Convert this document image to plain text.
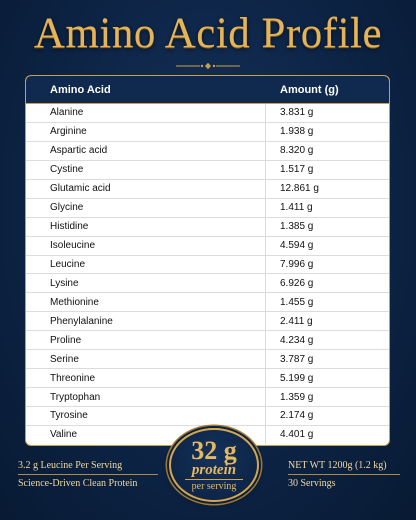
Amino Acid Profile
Amino Acid	Amount (g)
Alanine	3.831 g
Arginine	1.938 g
Aspartic acid	8.320 g
Cystine	1.517 g
Glutamic acid	12.861 g
Glycine	1.411 g
Histidine	1.385 g
Isoleucine	4.594 g
Leucine	7.996 g
Lysine	6.926 g
Methionine	1.455 g
Phenylalanine	2.411 g
Proline	4.234 g
Serine	3.787 g
Threonine	5.199 g
Tryptophan	1.359 g
Tyrosine	2.174 g
Valine	4.401 g
32 g
protein
per serving
3.2 g Leucine Per Serving
Science-Driven Clean Protein
NET WT 1200g (1.2 kg)
30 Servings
